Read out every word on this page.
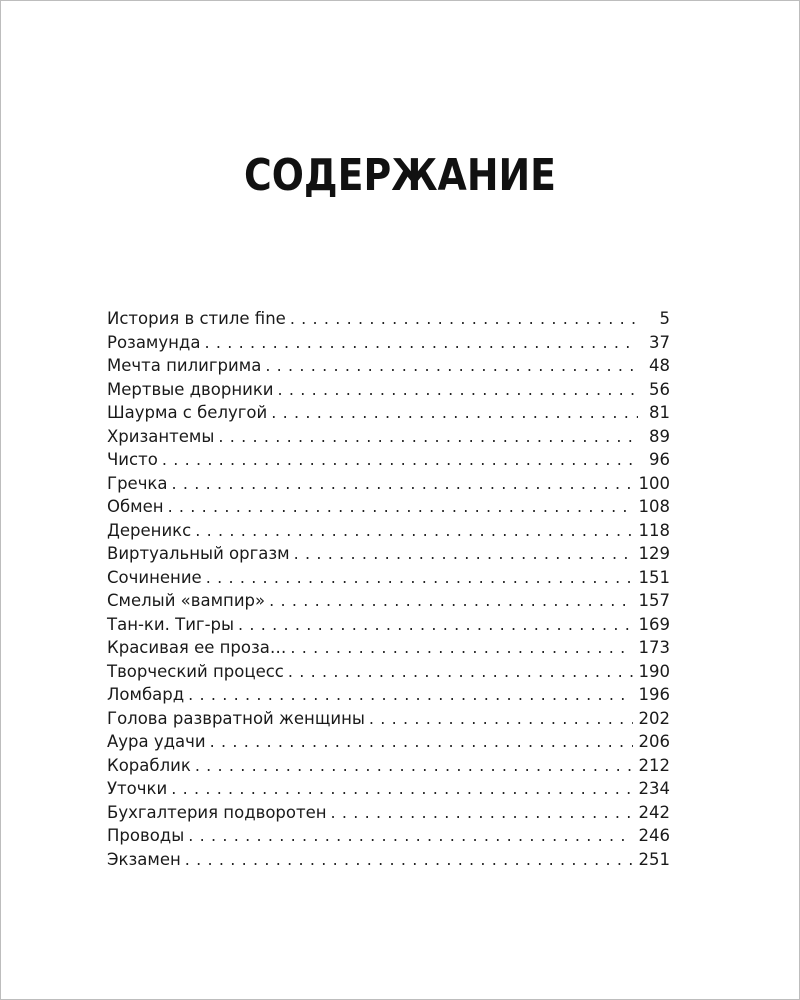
СОДЕРЖАНИЕ
История в стиле fine . . .	5
Розамунда . . .	37
Мечта пилигрима . . .	48
Мертвые дворники . . .	56
Шаурма с белугой . . .	81
Хризантемы . . .	89
Чисто . . .	96
Гречка . . .	100
Обмен . . .	108
Дереникс . . .	118
Виртуальный оргазм . . .	129
Сочинение . . .	151
Смелый «вампир» . . .	157
Тан-ки. Тиг-ры . . .	169
Красивая ее проза… . . .	173
Творческий процесс . . .	190
Ломбард . . .	196
Голова развратной женщины . . .	202
Аура удачи . . .	206
Кораблик . . .	212
Уточки . . .	234
Бухгалтерия подворотен . . .	242
Проводы . . .	246
Экзамен . . .	251
